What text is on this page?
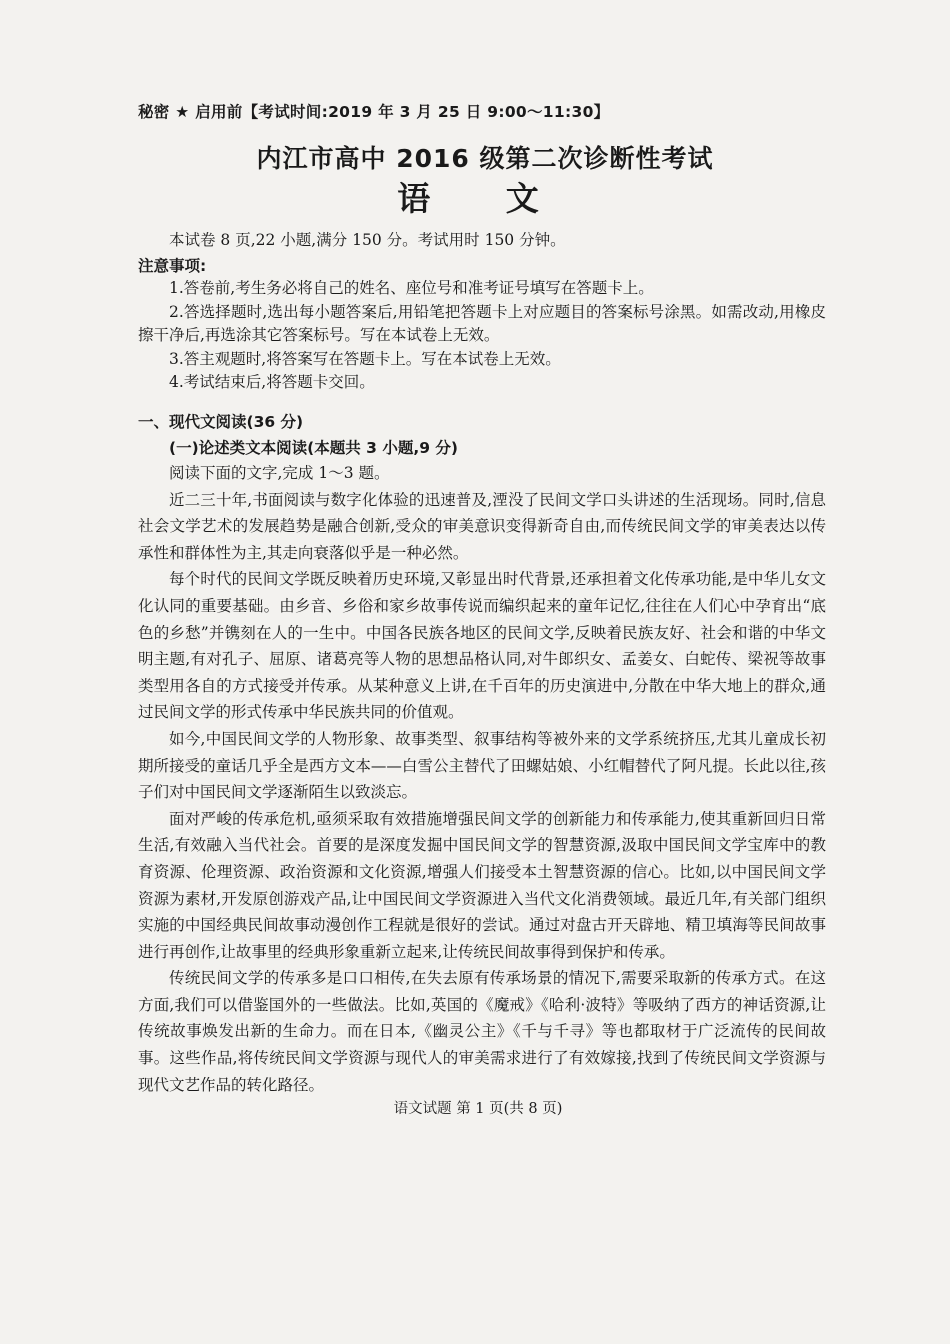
秘密 ★ 启用前【考试时间:2019 年 3 月 25 日 9:00～11:30】
内江市高中 2016 级第二次诊断性考试
语 文

本试卷 8 页,22 小题,满分 150 分。考试用时 150 分钟。

注意事项:

1.答卷前,考生务必将自己的姓名、座位号和准考证号填写在答题卡上。

2.答选择题时,选出每小题答案后,用铅笔把答题卡上对应题目的答案标号涂黑。如需改动,用橡皮擦干净后,再选涂其它答案标号。写在本试卷上无效。

3.答主观题时,将答案写在答题卡上。写在本试卷上无效。

4.考试结束后,将答题卡交回。

一、现代文阅读(36 分)
(一)论述类文本阅读(本题共 3 小题,9 分)

阅读下面的文字,完成 1～3 题。

近二三十年,书面阅读与数字化体验的迅速普及,湮没了民间文学口头讲述的生活现场。同时,信息社会文学艺术的发展趋势是融合创新,受众的审美意识变得新奇自由,而传统民间文学的审美表达以传承性和群体性为主,其走向衰落似乎是一种必然。

每个时代的民间文学既反映着历史环境,又彰显出时代背景,还承担着文化传承功能,是中华儿女文化认同的重要基础。由乡音、乡俗和家乡故事传说而编织起来的童年记忆,往往在人们心中孕育出“底色的乡愁”并镌刻在人的一生中。中国各民族各地区的民间文学,反映着民族友好、社会和谐的中华文明主题,有对孔子、屈原、诸葛亮等人物的思想品格认同,对牛郎织女、孟姜女、白蛇传、梁祝等故事类型用各自的方式接受并传承。从某种意义上讲,在千百年的历史演进中,分散在中华大地上的群众,通过民间文学的形式传承中华民族共同的价值观。

如今,中国民间文学的人物形象、故事类型、叙事结构等被外来的文学系统挤压,尤其儿童成长初期所接受的童话几乎全是西方文本——白雪公主替代了田螺姑娘、小红帽替代了阿凡提。长此以往,孩子们对中国民间文学逐渐陌生以致淡忘。

面对严峻的传承危机,亟须采取有效措施增强民间文学的创新能力和传承能力,使其重新回归日常生活,有效融入当代社会。首要的是深度发掘中国民间文学的智慧资源,汲取中国民间文学宝库中的教育资源、伦理资源、政治资源和文化资源,增强人们接受本土智慧资源的信心。比如,以中国民间文学资源为素材,开发原创游戏产品,让中国民间文学资源进入当代文化消费领域。最近几年,有关部门组织实施的中国经典民间故事动漫创作工程就是很好的尝试。通过对盘古开天辟地、精卫填海等民间故事进行再创作,让故事里的经典形象重新立起来,让传统民间故事得到保护和传承。

传统民间文学的传承多是口口相传,在失去原有传承场景的情况下,需要采取新的传承方式。在这方面,我们可以借鉴国外的一些做法。比如,英国的《魔戒》《哈利·波特》等吸纳了西方的神话资源,让传统故事焕发出新的生命力。而在日本,《幽灵公主》《千与千寻》等也都取材于广泛流传的民间故事。这些作品,将传统民间文学资源与现代人的审美需求进行了有效嫁接,找到了传统民间文学资源与现代文艺作品的转化路径。

语文试题 第 1 页(共 8 页)
